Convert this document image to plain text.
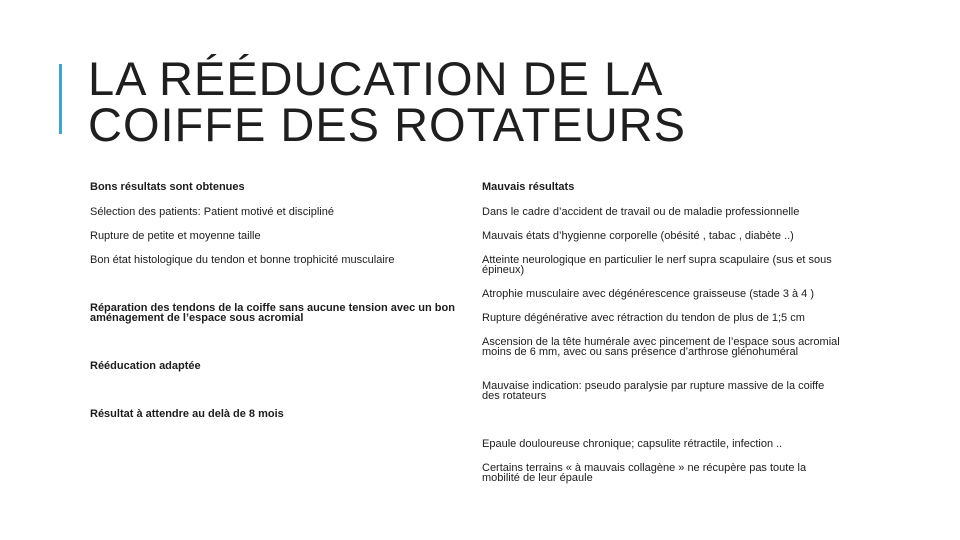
LA RÉÉDUCATION DE LA
COIFFE DES ROTATEURS
Bons résultats sont obtenues
Sélection des patients: Patient motivé et discipliné
Rupture de petite et moyenne taille
Bon état histologique du tendon et bonne trophicité musculaire
Réparation des tendons de la coiffe sans aucune tension avec un bon aménagement de l’espace sous acromial
Rééducation adaptée
Résultat à attendre au delà de 8 mois
Mauvais résultats
Dans le cadre d’accident de travail ou de maladie professionnelle
Mauvais états d’hygienne corporelle (obésité , tabac , diabète ..)
Atteinte neurologique en particulier le nerf supra scapulaire (sus et sous épineux)
Atrophie musculaire avec dégénérescence graisseuse (stade 3 à 4 )
Rupture dégénérative avec rétraction du tendon de plus de 1;5 cm
Ascension de la tête humérale avec pincement de l’espace sous acromial moins de 6 mm, avec ou sans présence d’arthrose glénohuméral
Mauvaise indication: pseudo paralysie par rupture massive de la coiffe des rotateurs
Epaule douloureuse chronique; capsulite rétractile, infection ..
Certains terrains « à mauvais collagène » ne récupère pas toute la mobilité de leur épaule
